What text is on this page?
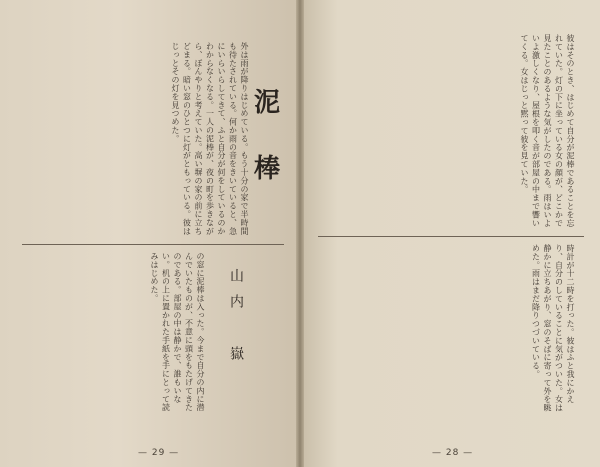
外は雨が降りはじめている。もう十分の家で半時間も待たされている。何か雨の音をきいていると、急にいらいらしてきて、ふと自分が何をしているのかわからなくなる。一人の泥棒が、夜の町を歩きながら、ぼんやりと考えていた。高い塀の家の前に立ちどまる。暗い窓のひとつに灯がともっている。彼はじっとその灯を見つめた。	泥
棒
の窓に泥棒は入った。今まで自分の内に潜んでいたものが、不意に頭をもたげてきたのである。部屋の中は静かで、誰もいない。机の上に置かれた手紙を手にとって読みはじめた。	山内　嶽
— 29 —
彼はそのとき、はじめて自分が泥棒であることを忘れていた。灯の下に坐っている女の顔が、どこかで見たことのあるような気がしたのである。雨はいよいよ激しくなり、屋根を叩く音が部屋の中まで響いてくる。女はじっと黙って彼を見ていた。
時計が十二時を打った。彼はふと我にかえり、自分のしていることに気がついた。女は静かに立ちあがり、窓のそばに寄って外を眺めた。雨はまだ降りつづいている。
— 28 —
